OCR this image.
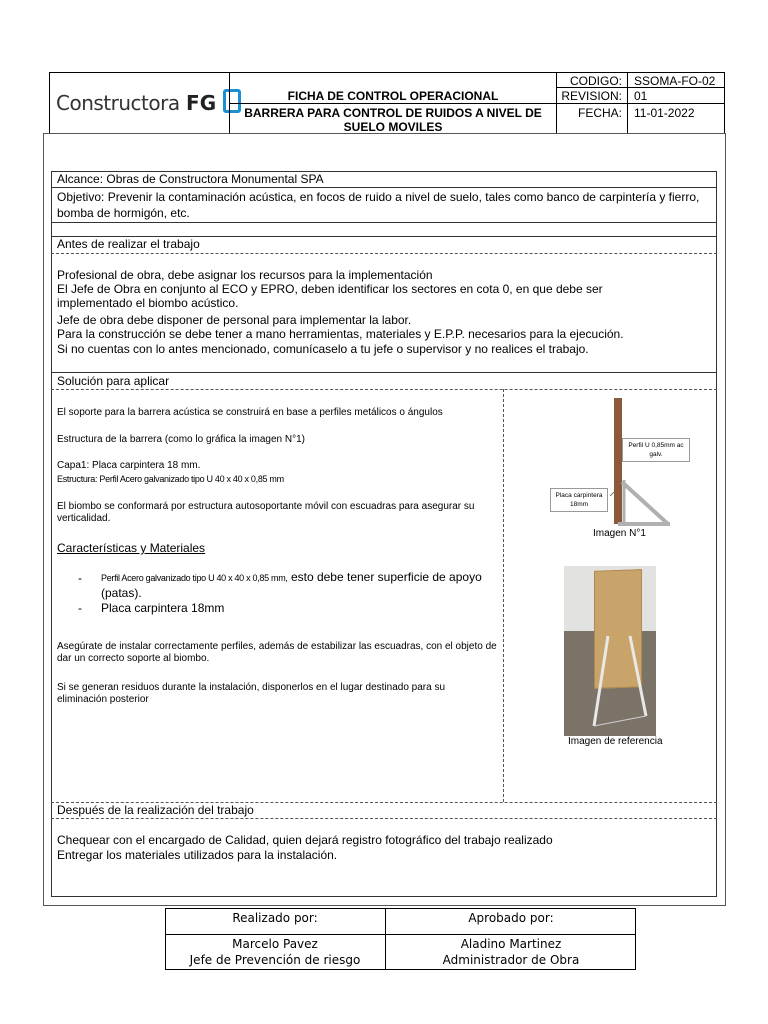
Constructora FG	FICHA DE CONTROL OPERACIONAL
BARRERA PARA CONTROL DE RUIDOS A NIVEL DE SUELO MOVILES
CODIGO: SSOMA-FO-02
REVISION: 01
FECHA: 11-01-2022
Alcance: Obras de Constructora Monumental SPA
Objetivo: Prevenir la contaminación acústica, en focos de ruido a nivel de suelo, tales como banco de carpintería y fierro, bomba de hormigón, etc.
Antes de realizar el trabajo
Profesional de obra, debe asignar los recursos para la implementación
El Jefe de Obra en conjunto al ECO y EPRO, deben identificar los sectores en cota 0, en que debe ser implementado el biombo acústico.
Jefe de obra debe disponer de personal para implementar la labor.
Para la construcción se debe tener a mano herramientas, materiales y E.P.P. necesarios para la ejecución.
Si no cuentas con lo antes mencionado, comunícaselo a tu jefe o supervisor y no realices el trabajo.
Solución para aplicar
El soporte para la barrera acústica se construirá en base a perfiles metálicos o ángulos
Estructura de la barrera (como lo gráfica la imagen N°1)
Capa1: Placa carpintera 18 mm.
Estructura: Perfil Acero galvanizado tipo U 40 x 40 x 0,85 mm
El biombo se conformará por estructura autosoportante móvil con escuadras para asegurar su verticalidad.
Características y Materiales
- Perfil Acero galvanizado tipo U 40 x 40 x 0,85 mm, esto debe tener superficie de apoyo (patas).
- Placa carpintera 18mm
Asegúrate de instalar correctamente perfiles, además de estabilizar las escuadras, con el objeto de dar un correcto soporte al biombo.
Si se generan residuos durante la instalación, disponerlos en el lugar destinado para su eliminación posterior
Perfil U 0,85mm ac galv.
Placa carpintera 18mm
Imagen N°1
Imagen de referencia
Después de la realización del trabajo
Chequear con el encargado de Calidad, quien dejará registro fotográfico del trabajo realizado
Entregar los materiales utilizados para la instalación.
Realizado por:	Aprobado por:
Marcelo Pavez
Jefe de Prevención de riesgo
Aladino Martinez
Administrador de Obra
